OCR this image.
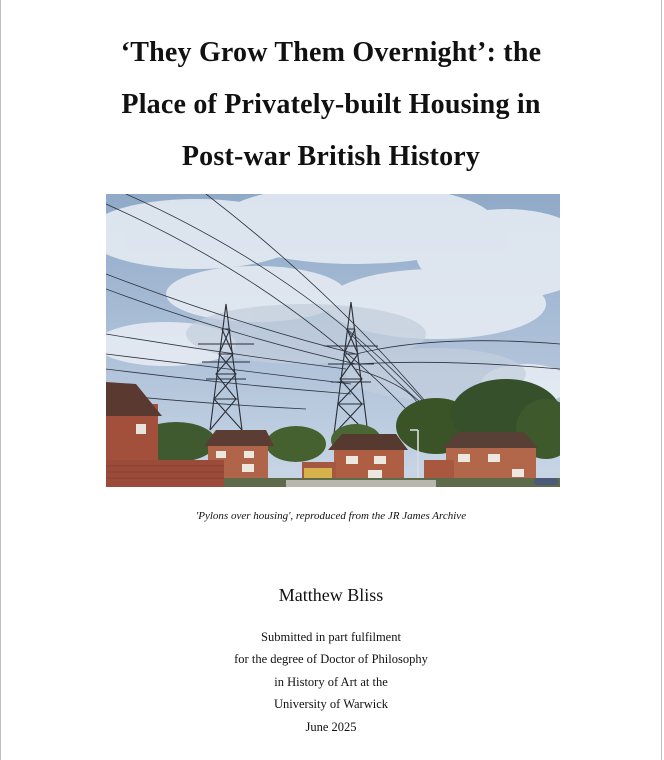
‘They Grow Them Overnight’: the
Place of Privately-built Housing in
Post-war British History
'Pylons over housing', reproduced from the JR James Archive
Matthew Bliss
Submitted in part fulfilment
for the degree of Doctor of Philosophy
in History of Art at the
University of Warwick
June 2025
